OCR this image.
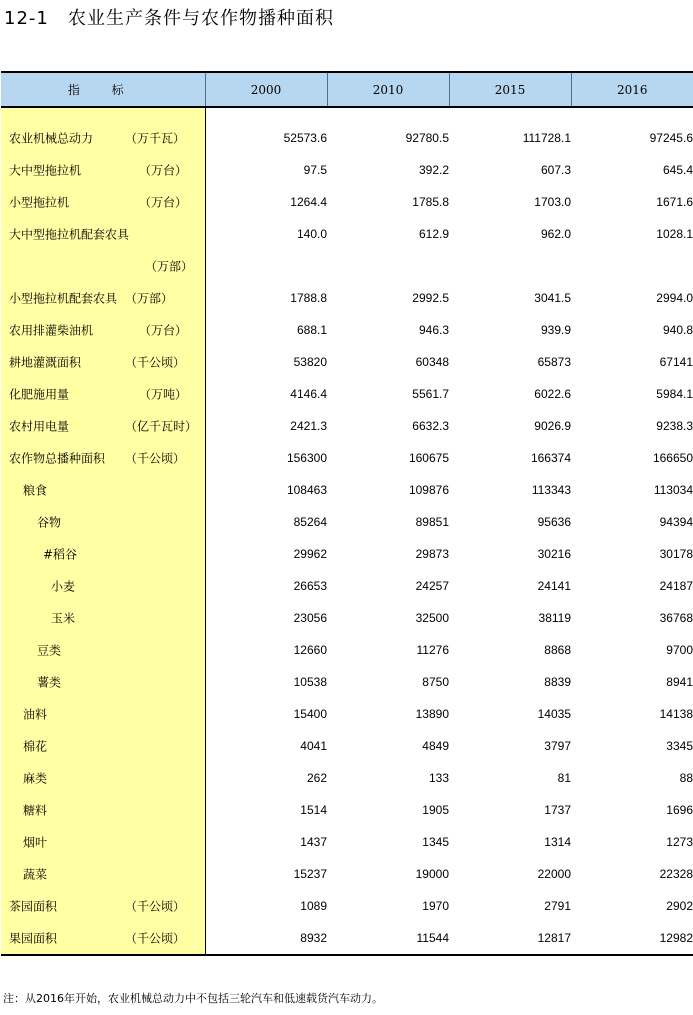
12-1 农业生产条件与农作物播种面积
指 标	2000	2010	2015	2016

农业机械总动力 （万千瓦）	52573.6	92780.5	111728.1	97245.6

大中型拖拉机 （万台）	97.5	392.2	607.3	645.4

小型拖拉机 （万台）	1264.4	1785.8	1703.0	1671.6

大中型拖拉机配套农具	140.0	612.9	962.0	1028.1

（万部）				

小型拖拉机配套农具 （万部）	1788.8	2992.5	3041.5	2994.0

农用排灌柴油机 （万台）	688.1	946.3	939.9	940.8

耕地灌溉面积 （千公顷）	53820	60348	65873	67141

化肥施用量 （万吨）	4146.4	5561.7	6022.6	5984.1

农村用电量 （亿千瓦时）	2421.3	6632.3	9026.9	9238.3

农作物总播种面积 （千公顷）	156300	160675	166374	166650

粮食	108463	109876	113343	113034

谷物	85264	89851	95636	94394

#稻谷	29962	29873	30216	30178

小麦	26653	24257	24141	24187

玉米	23056	32500	38119	36768

豆类	12660	11276	8868	9700

薯类	10538	8750	8839	8941

油料	15400	13890	14035	14138

棉花	4041	4849	3797	3345

麻类	262	133	81	88

糖料	1514	1905	1737	1696

烟叶	1437	1345	1314	1273

蔬菜	15237	19000	22000	22328

茶园面积 （千公顷）	1089	1970	2791	2902

果园面积 （千公顷）	8932	11544	12817	12982
注：从2016年开始，农业机械总动力中不包括三轮汽车和低速载货汽车动力。
